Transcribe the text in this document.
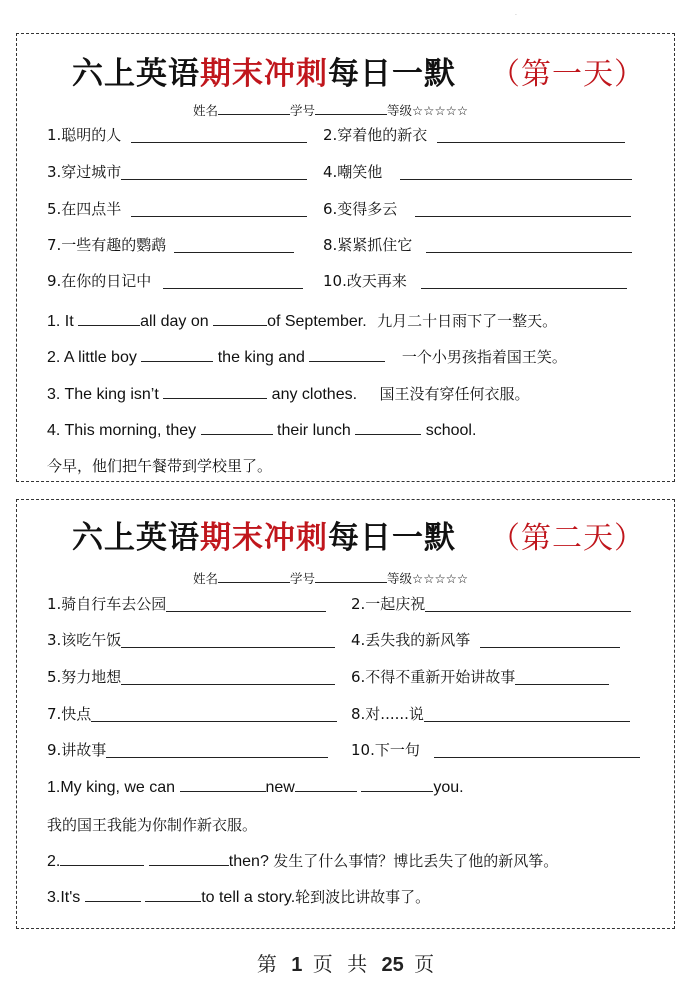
.
六上英语期末冲刺每日一默 （第一天）
姓名	学号	等级☆☆☆☆☆
1.聪明的人	2.穿着他的新衣
3.穿过城市	4.嘲笑他
5.在四点半	6.变得多云
7.一些有趣的鹦鹉	8.紧紧抓住它
9.在你的日记中	10.改天再来
1. It	all day on	of September. 九月二十日雨下了一整天。
2. A little boy	the king and	一个小男孩指着国王笑。
3. The king isn’t	any clothes. 国王没有穿任何衣服。
4. This morning, they	their lunch	school.
今早，他们把午餐带到学校里了。
六上英语期末冲刺每日一默 （第二天）
姓名	学号	等级☆☆☆☆☆
1.骑自行车去公园	2.一起庆祝
3.该吃午饭	4.丢失我的新风筝
5.努力地想	6.不得不重新开始讲故事
7.快点	8.对......说
9.讲故事	10.下一句
1.My king, we can	new	you.
我的国王我能为你制作新衣服。
2.	then? 发生了什么事情？博比丢失了他的新风筝。
3.It's	to tell a story.轮到波比讲故事了。
第 1 页 共 25 页
